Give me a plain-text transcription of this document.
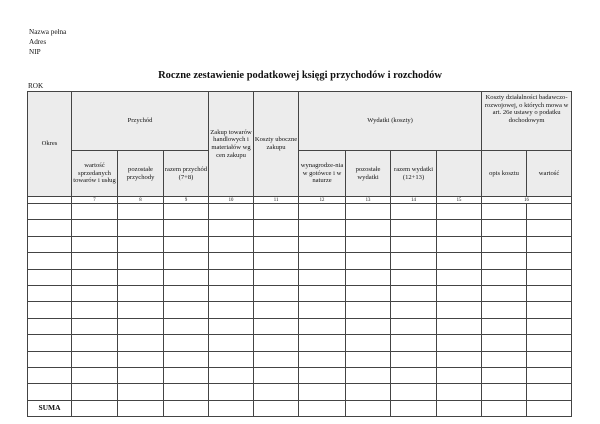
Nazwa pełna
Adres
NIP
Roczne zestawienie podatkowej księgi przychodów i rozchodów
ROK
Okres	Przychód			Zakup towarów handlowych i materiałów wg cen zakupu	Koszty uboczne zakupu	Wydatki (koszty)				Koszty działalności badawczo-rozwojowej, o których mowa w art. 26e ustawy o podatku dochodowym	
	wartość sprzedanych towarów i usług	pozostałe przychody	razem przychód (7+8)			wynagrodze-nia w gotówce i w naturze	pozostałe wydatki	razem wydatki (12+13)		opis kosztu	wartość
	7	8	9	10	11	12	13	14	15	16	

SUMA											
